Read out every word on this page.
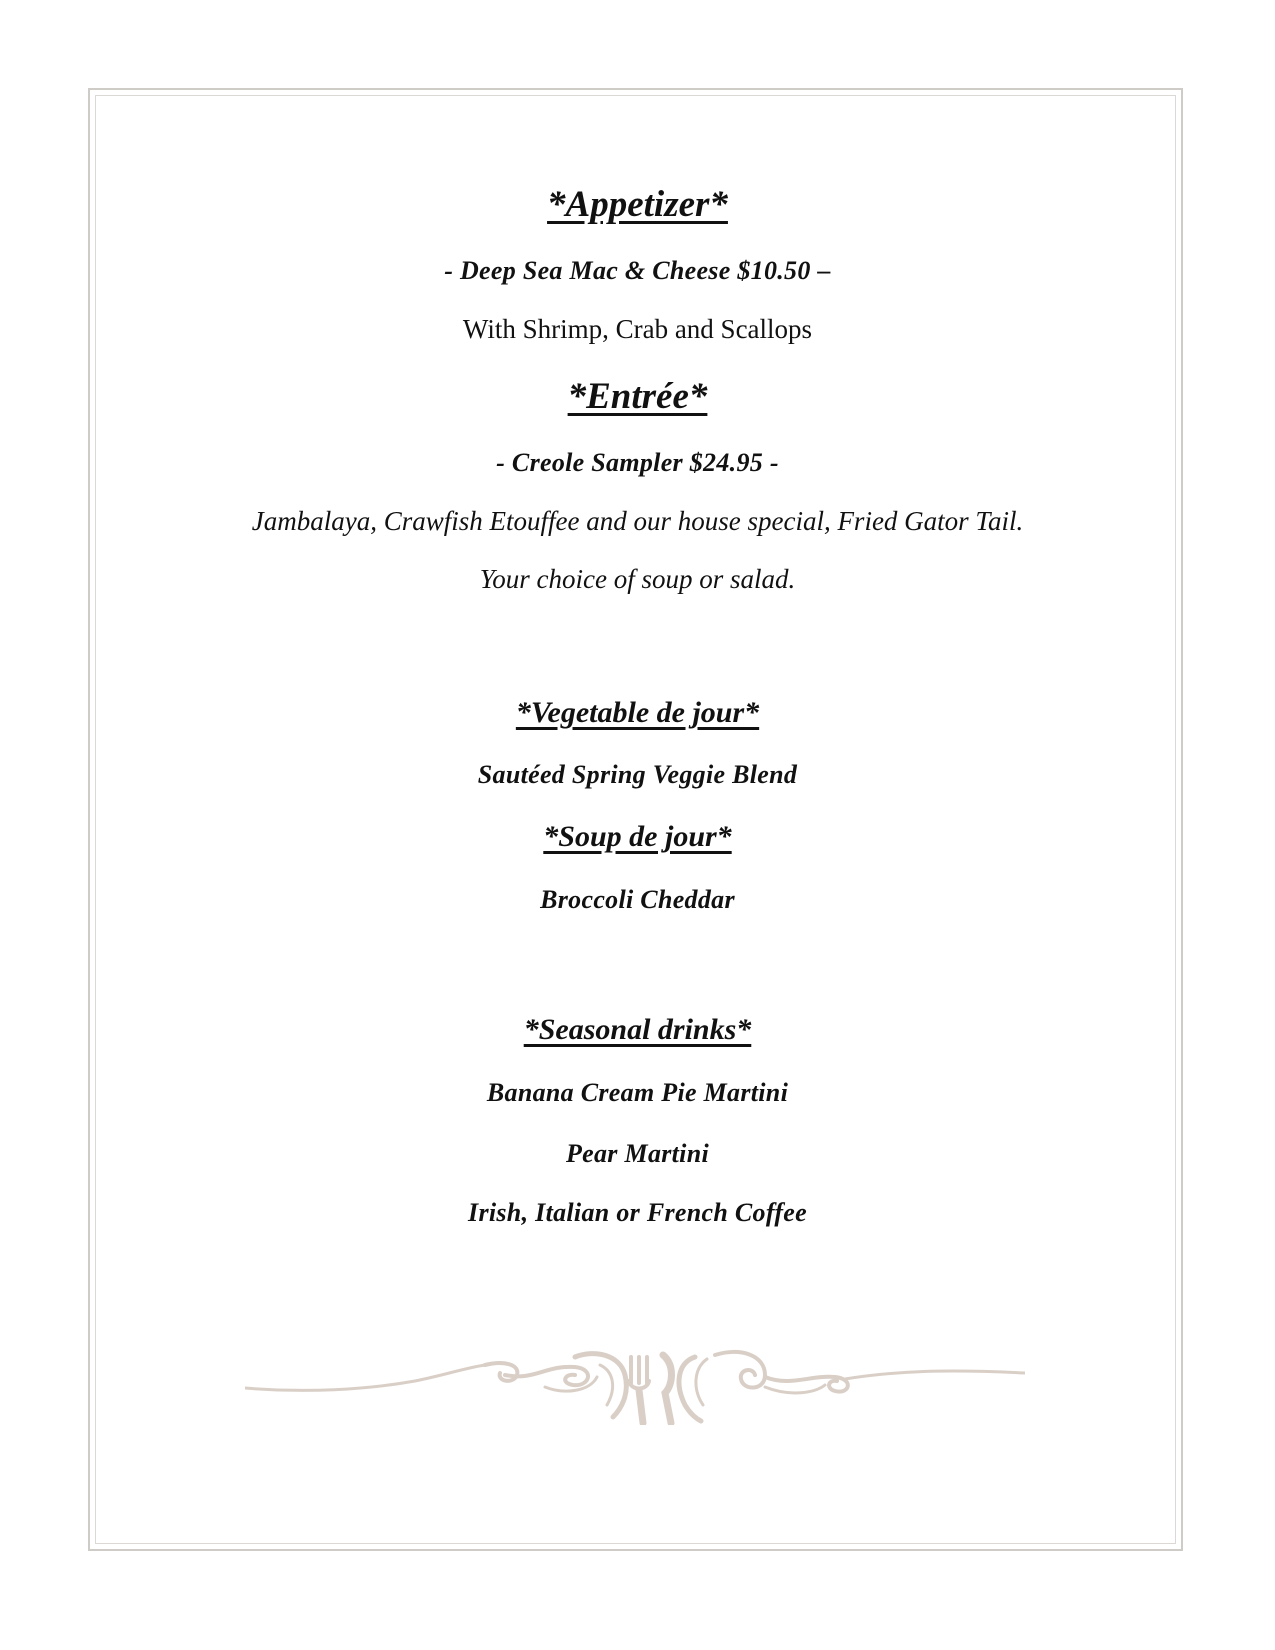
*Appetizer*
- Deep Sea Mac & Cheese $10.50 –
With Shrimp, Crab and Scallops
*Entrée*
- Creole Sampler $24.95 -
Jambalaya, Crawfish Etouffee and our house special, Fried Gator Tail.
Your choice of soup or salad.
*Vegetable de jour*
Sautéed Spring Veggie Blend
*Soup de jour*
Broccoli Cheddar
*Seasonal drinks*
Banana Cream Pie Martini
Pear Martini
Irish, Italian or French Coffee
